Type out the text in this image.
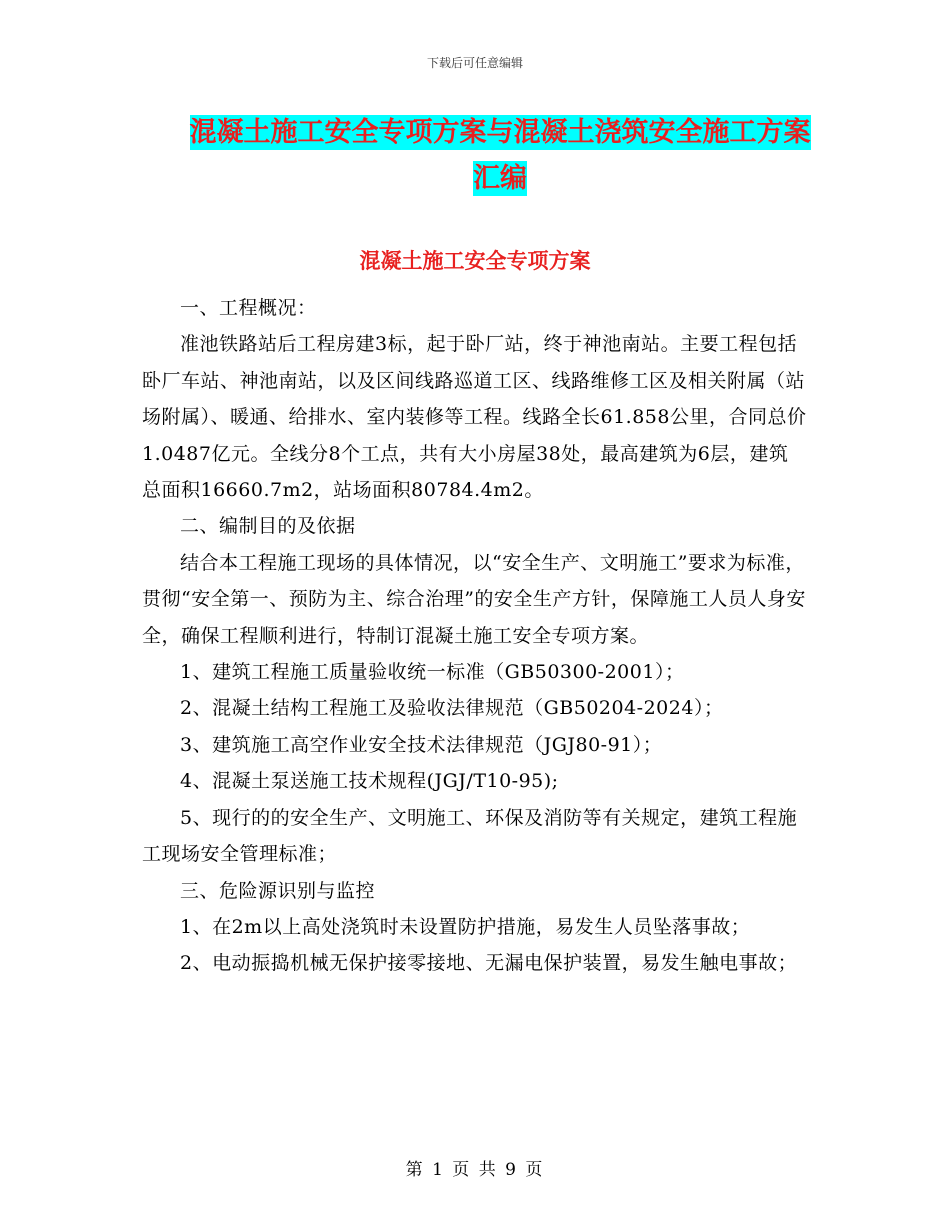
下载后可任意编辑
混凝土施工安全专项方案与混凝土浇筑安全施工方案
汇编
混凝土施工安全专项方案

一、工程概况：

准池铁路站后工程房建3标，起于卧厂站，终于神池南站。主要工程包括卧厂车站、神池南站，以及区间线路巡道工区、线路维修工区及相关附属（站场附属）、暖通、给排水、室内装修等工程。线路全长61.858公里，合同总价1.0487亿元。全线分8个工点，共有大小房屋38处，最高建筑为6层，建筑总面积16660.7m2，站场面积80784.4m2。

二、编制目的及依据

结合本工程施工现场的具体情况，以“安全生产、文明施工”要求为标准，贯彻“安全第一、预防为主、综合治理”的安全生产方针，保障施工人员人身安全，确保工程顺利进行，特制订混凝土施工安全专项方案。

1、建筑工程施工质量验收统一标准（GB50300-2001）；

2、混凝土结构工程施工及验收法律规范（GB50204-2024）；

3、建筑施工高空作业安全技术法律规范（JGJ80-91）；

4、混凝土泵送施工技术规程(JGJ/T10-95);

5、现行的的安全生产、文明施工、环保及消防等有关规定，建筑工程施工现场安全管理标准；

三、危险源识别与监控

1、在2m以上高处浇筑时未设置防护措施，易发生人员坠落事故；

2、电动振捣机械无保护接零接地、无漏电保护装置，易发生触电事故；

第 1 页 共 9 页
